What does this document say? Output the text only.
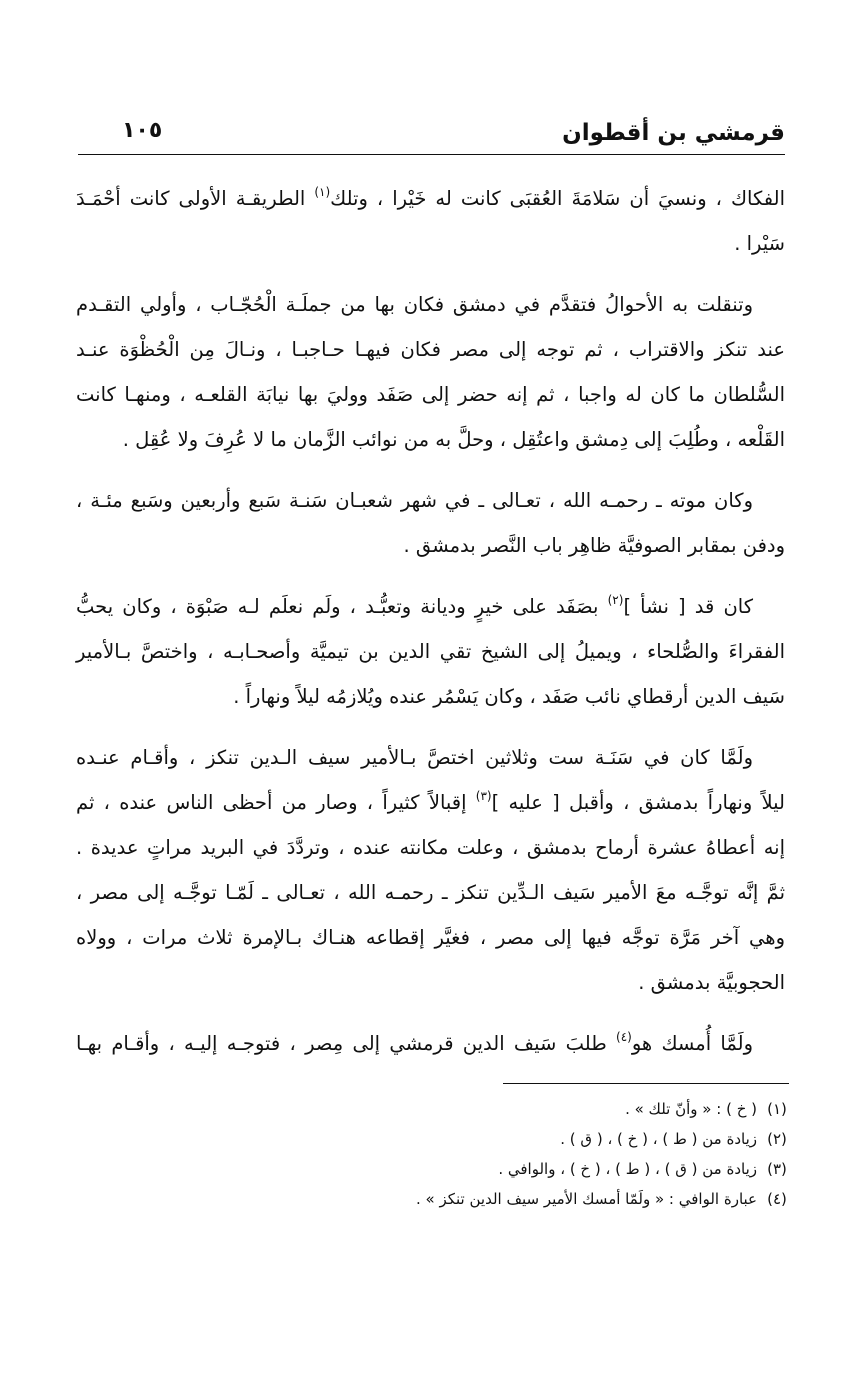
قرمشي بن أقطوان
١٠٥
الفكاك ، ونسيَ أن سَلامَةَ العُقبَى كانت له خَيْرا ، وتلك$^{(١)}$ الطريقـة الأولى كانت أحْمَـدَ
سَيْرا .
وتنقلت به الأحوالُ فتقدَّم في دمشق فكان بها من جملَـة الْحُجّـاب ، وأولي التقـدم
عند تنكز والاقتراب ، ثم توجه إلى مصر فكان فيهـا حـاجبـا ، ونـالَ مِن الْحُظْوَة عنـد
السُّلطان ما كان له واجبا ، ثم إنه حضر إلى صَفَد ووليَ بها نيابَة القلعـه ، ومنهـا كانت
القَلْعه ، وطُلِبَ إلى دِمشق واعتُقِل ، وحلَّ به من نوائب الزَّمان ما لا عُرِفَ ولا عُقِل .
وكان موته ـ رحمـه الله ، تعـالى ـ في شهر شعبـان سَنـة سَبع وأربعين وسَبع مئـة ،
ودفن بمقابر الصوفيَّة ظاهِر باب النَّصر بدمشق .
كان قد [ نشأ ]$^{(٢)}$ بصَفَد على خيرٍ وديانة وتعبُّـد ، ولَم نعلَم لـه صَبْوَة ، وكان يحبُّ
الفقراءَ والصُّلحاء ، ويميلُ إلى الشيخ تقي الدين بن تيميَّة وأصحـابـه ، واختصَّ بـالأمير
سَيف الدين أرقطاي نائب صَفَد ، وكان يَسْمُر عنده ويُلازمُه ليلاً ونهاراً .
ولَمَّا كان في سَنَـة ست وثلاثين اختصَّ بـالأمير سيف الـدين تنكز ، وأقـام عنـده
ليلاً ونهاراً بدمشق ، وأقبل [ عليه ]$^{(٣)}$ إقبالاً كثيراً ، وصار من أحظى الناس عنده ، ثم
إنه أعطاهُ عشرة أرماح بدمشق ، وعلت مكانته عنده ، وتردَّدَ في البريد مراتٍ عديدة .
ثمَّ إنَّه توجَّـه معَ الأمير سَيف الـدِّين تنكز ـ رحمـه الله ، تعـالى ـ لَمّـا توجَّـه إلى مصر ،
وهي آخر مَرَّة توجَّه فيها إلى مصر ، فغيَّر إقطاعه هنـاك بـالإمرة ثلاث مرات ، وولاه
الحجوبيَّة بدمشق .
ولَمَّا أُمسك هو$^{(٤)}$ طلبَ سَيف الدين قرمشي إلى مِصر ، فتوجـه إليـه ، وأقـام بهـا
(١)
( خ ) : « وأنّ تلك » .
(٢)
زيادة من ( ط ) ، ( خ ) ، ( ق ) .
(٣)
زيادة من ( ق ) ، ( ط ) ، ( خ ) ، والوافي .
(٤)
عبارة الوافي : « ولَمّا أمسك الأمير سيف الدين تنكز » .
